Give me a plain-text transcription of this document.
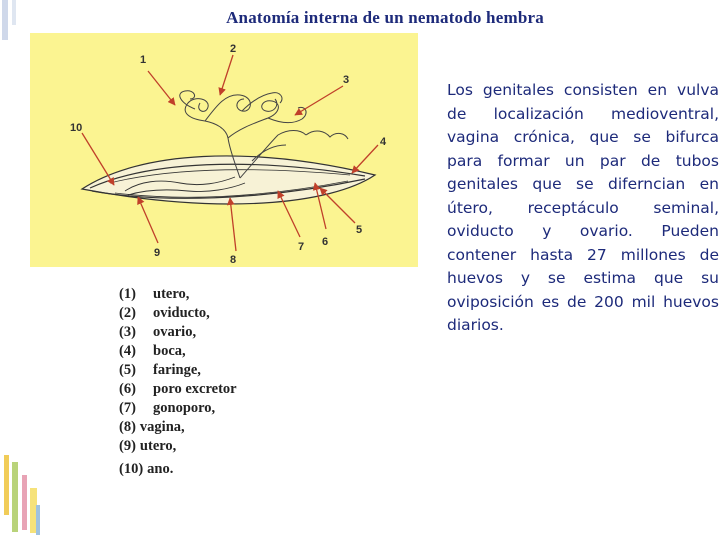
Anatomía interna de un nematodo hembra
1
2
3
4
5
6
7
8
9
10
(1) utero,
(2) oviducto,
(3) ovario,
(4) boca,
(5) faringe,
(6) poro excretor
(7) gonoporo,
(8) vagina,
(9) utero,
(10) ano.

Los genitales consisten en vulva de localización medioventral, vagina crónica, que se bifurca para formar un par de tubos genitales que se diferncian en útero, receptáculo seminal, oviducto y ovario. Pueden contener hasta 27 millones de huevos y se estima que su oviposición es de 200 mil huevos diarios.
